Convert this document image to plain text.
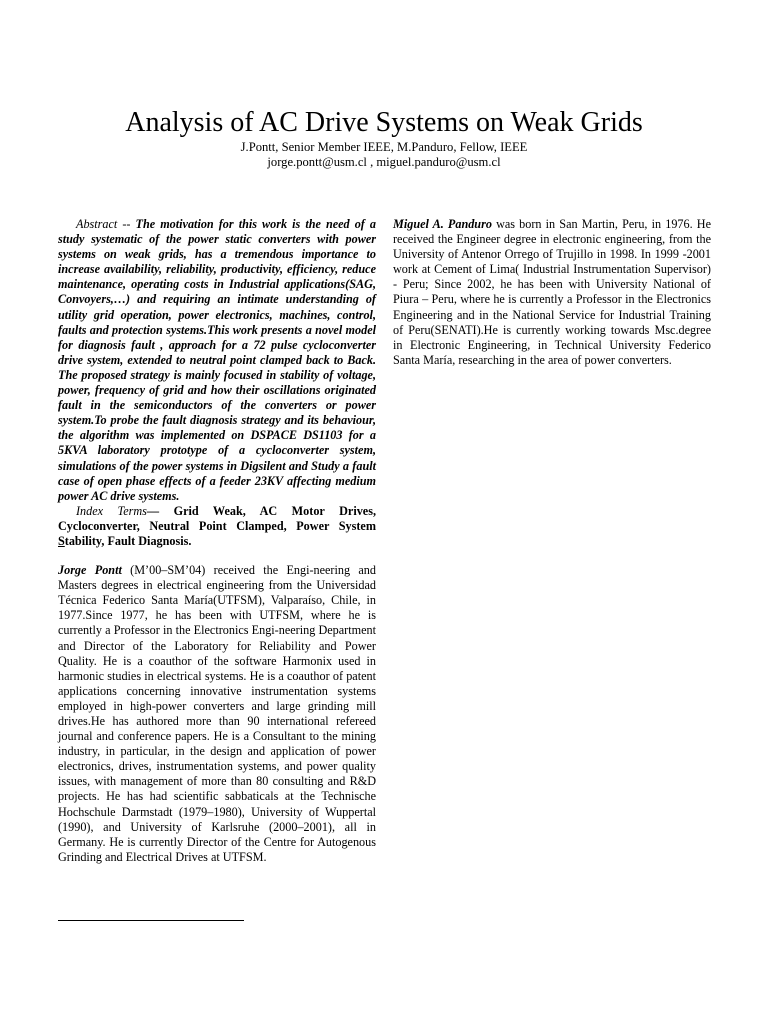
Analysis of AC Drive Systems on Weak Grids
J.Pontt, Senior Member IEEE, M.Panduro, Fellow, IEEE
jorge.pontt@usm.cl , miguel.panduro@usm.cl

Abstract -- The motivation for this work is the need of a study systematic of the power static converters with power systems on weak grids, has a tremendous importance to increase availability, reliability, productivity, efficiency, reduce maintenance, operating costs in Industrial applications(SAG, Convoyers,…) and requiring an intimate understanding of utility grid operation, power electronics, machines, control, faults and protection systems.This work presents a novel model for diagnosis fault , approach for a 72 pulse cycloconverter drive system, extended to neutral point clamped back to Back. The proposed strategy is mainly focused in stability of voltage, power, frequency of grid and how their oscillations originated fault in the semiconductors of the converters or power system.To probe the fault diagnosis strategy and its behaviour, the algorithm was implemented on DSPACE DS1103 for a 5KVA laboratory prototype of a cycloconverter system, simulations of the power systems in Digsilent and Study a fault case of open phase effects of a feeder 23KV affecting medium power AC drive systems.

Index Terms— Grid Weak, AC Motor Drives, Cycloconverter, Neutral Point Clamped, Power System Stability, Fault Diagnosis.

Jorge Pontt (M’00–SM’04) received the Engi-neering and Masters degrees in electrical engineering from the Universidad Técnica Federico Santa María(UTFSM), Valparaíso, Chile, in 1977.Since 1977, he has been with UTFSM, where he is currently a Professor in the Electronics Engi-neering Department and Director of the Laboratory for Reliability and Power Quality. He is a coauthor of the software Harmonix used in harmonic studies in electrical systems. He is a coauthor of patent applications concerning innovative instrumentation systems employed in high-power converters and large grinding mill drives.He has authored more than 90 international refereed journal and conference papers. He is a Consultant to the mining industry, in particular, in the design and application of power electronics, drives, instrumentation systems, and power quality issues, with management of more than 80 consulting and R&D projects. He has had scientific sabbaticals at the Technische Hochschule Darmstadt (1979–1980), University of Wuppertal (1990), and University of Karlsruhe (2000–2001), all in Germany. He is currently Director of the Centre for Autogenous Grinding and Electrical Drives at UTFSM.

Miguel A. Panduro was born in San Martin, Peru, in 1976. He received the Engineer degree in electronic engineering, from the University of Antenor Orrego of Trujillo in 1998. In 1999 -2001 work at Cement of Lima( Industrial Instrumentation Supervisor) - Peru; Since 2002, he has been with University National of Piura – Peru, where he is currently a Professor in the Electronics Engineering and in the National Service for Industrial Training of Peru(SENATI).He is currently working towards Msc.degree in Electronic Engineering, in Technical University Federico Santa María, researching in the area of power converters.
